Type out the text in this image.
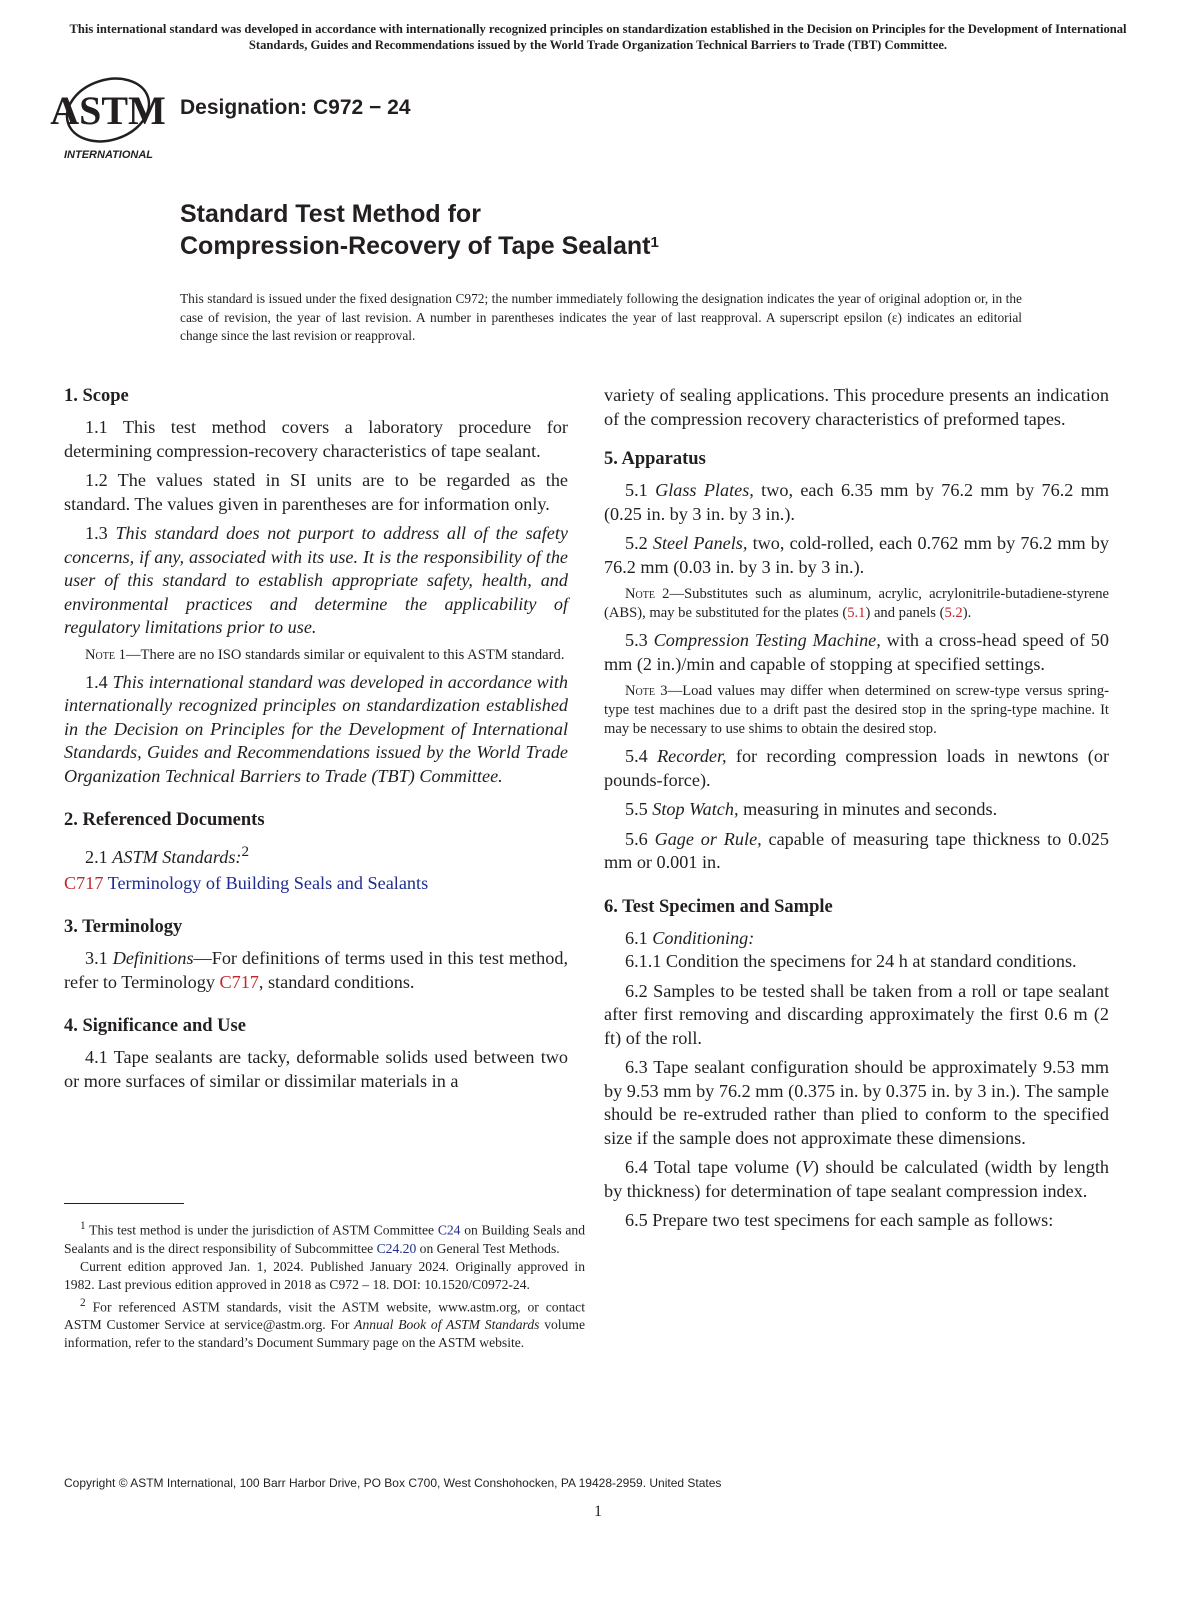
This international standard was developed in accordance with internationally recognized principles on standardization established in the Decision on Principles for the Development of International Standards, Guides and Recommendations issued by the World Trade Organization Technical Barriers to Trade (TBT) Committee.
ASTM
INTERNATIONAL
Designation: C972 − 24
Standard Test Method for
Compression-Recovery of Tape Sealant$^1$
This standard is issued under the fixed designation C972; the number immediately following the designation indicates the year of original adoption or, in the case of revision, the year of last revision. A number in parentheses indicates the year of last reapproval. A superscript epsilon (ε) indicates an editorial change since the last revision or reapproval.
1. Scope

1.1 This test method covers a laboratory procedure for determining compression-recovery characteristics of tape sealant.

1.2 The values stated in SI units are to be regarded as the standard. The values given in parentheses are for information only.

1.3 This standard does not purport to address all of the safety concerns, if any, associated with its use. It is the responsibility of the user of this standard to establish appropriate safety, health, and environmental practices and determine the applicability of regulatory limitations prior to use.

Note 1—There are no ISO standards similar or equivalent to this ASTM standard.

1.4 This international standard was developed in accordance with internationally recognized principles on standardization established in the Decision on Principles for the Development of International Standards, Guides and Recommendations issued by the World Trade Organization Technical Barriers to Trade (TBT) Committee.

2. Referenced Documents

2.1 ASTM Standards:$^2$

C717 Terminology of Building Seals and Sealants

3. Terminology

3.1 Definitions—For definitions of terms used in this test method, refer to Terminology C717, standard conditions.

4. Significance and Use

4.1 Tape sealants are tacky, deformable solids used between two or more surfaces of similar or dissimilar materials in a

$^1$ This test method is under the jurisdiction of ASTM Committee C24 on Building Seals and Sealants and is the direct responsibility of Subcommittee C24.20 on General Test Methods.

Current edition approved Jan. 1, 2024. Published January 2024. Originally approved in 1982. Last previous edition approved in 2018 as C972 – 18. DOI: 10.1520/C0972-24.

$^2$ For referenced ASTM standards, visit the ASTM website, www.astm.org, or contact ASTM Customer Service at service@astm.org. For Annual Book of ASTM Standards volume information, refer to the standard’s Document Summary page on the ASTM website.

variety of sealing applications. This procedure presents an indication of the compression recovery characteristics of preformed tapes.

5. Apparatus

5.1 Glass Plates, two, each 6.35 mm by 76.2 mm by 76.2 mm (0.25 in. by 3 in. by 3 in.).

5.2 Steel Panels, two, cold-rolled, each 0.762 mm by 76.2 mm by 76.2 mm (0.03 in. by 3 in. by 3 in.).

Note 2—Substitutes such as aluminum, acrylic, acrylonitrile-butadiene-styrene (ABS), may be substituted for the plates (5.1) and panels (5.2).

5.3 Compression Testing Machine, with a cross-head speed of 50 mm (2 in.)/min and capable of stopping at specified settings.

Note 3—Load values may differ when determined on screw-type versus spring-type test machines due to a drift past the desired stop in the spring-type machine. It may be necessary to use shims to obtain the desired stop.

5.4 Recorder, for recording compression loads in newtons (or pounds-force).

5.5 Stop Watch, measuring in minutes and seconds.

5.6 Gage or Rule, capable of measuring tape thickness to 0.025 mm or 0.001 in.

6. Test Specimen and Sample

6.1 Conditioning:

6.1.1 Condition the specimens for 24 h at standard conditions.

6.2 Samples to be tested shall be taken from a roll or tape sealant after first removing and discarding approximately the first 0.6 m (2 ft) of the roll.

6.3 Tape sealant configuration should be approximately 9.53 mm by 9.53 mm by 76.2 mm (0.375 in. by 0.375 in. by 3 in.). The sample should be re-extruded rather than plied to conform to the specified size if the sample does not approximate these dimensions.

6.4 Total tape volume (V) should be calculated (width by length by thickness) for determination of tape sealant compression index.

6.5 Prepare two test specimens for each sample as follows:

Copyright © ASTM International, 100 Barr Harbor Drive, PO Box C700, West Conshohocken, PA 19428-2959. United States
1
